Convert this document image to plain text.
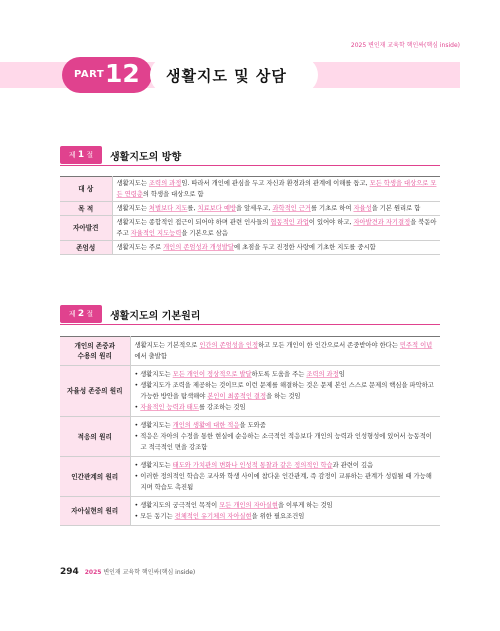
2025 변인재 교육학 핵인싸(핵심 inside)
PART 12 생활지도 및 상담
제 1 절	생활지도의 방향
대 상	생활지도는 조력의 과정임. 따라서 개인에 관심을 두고 자신과 환경과의 관계에 이해를 돕고, 모든 학생을 대상으로 모든 연령층의 학생을 대상으로 함
목 적	생활지도는 처벌보다 지도를, 치료보다 예방을 앞세우고, 과학적인 근거를 기초로 하여 자율성을 기본 원리로 함
자아발견	생활지도는 종합적인 접근이 되어야 하며 관련 인사들의 협동적인 과업이 있어야 하고, 자아발견과 자기결정을 북돋아주고 자율적인 지도능력을 기본으로 삼음
존엄성	생활지도는 주로 개인의 존엄성과 개성발달에 초점을 두고 진정한 사랑에 기초한 지도를 중시함
제 2 절	생활지도의 기본원리
개인의 존중과
수용의 원리	생활지도는 기본적으로 인간의 존엄성을 인정하고 모든 개인이 한 인간으로서 존중받아야 한다는 민주적 이념에서 출발함

자율성 존중의 원리	• 생활지도는 모든 개인이 정상적으로 발달하도록 도움을 주는 조력의 과정임
• 생활지도가 조력을 제공하는 것이므로 이런 문제를 해결하는 것은 문제 본인 스스로 문제의 핵심을 파악하고 가능한 방안을 탐색해야 본인이 최종적인 결정을 하는 것임
• 자율적인 능력과 태도를 강조하는 것임

적응의 원리	• 생활지도는 개인의 생활에 대한 적응을 도와줌
• 적응은 자아의 수정을 통한 현실에 순응하는 소극적인 적응보다 개인의 능력과 인성형성에 있어서 능동적이고 적극적인 면을 강조함

인간관계의 원리	• 생활지도는 태도와 가치관의 변화나 인성적 통찰과 같은 정의적인 학습과 관련이 깊음
• 이러한 정의적인 학습은 교사와 학생 사이에 참다운 인간관계, 즉 감정이 교류하는 관계가 성립될 때 가능해지며 학습도 촉진됨

자아실현의 원리	• 생활지도의 궁극적인 목적이 모든 개인의 자아실현을 이루게 하는 것임
• 모든 동기는 전체적인 유기체의 자아실현을 위한 필요조건임
294 2025 변인재 교육학 핵인싸(핵심 inside)
